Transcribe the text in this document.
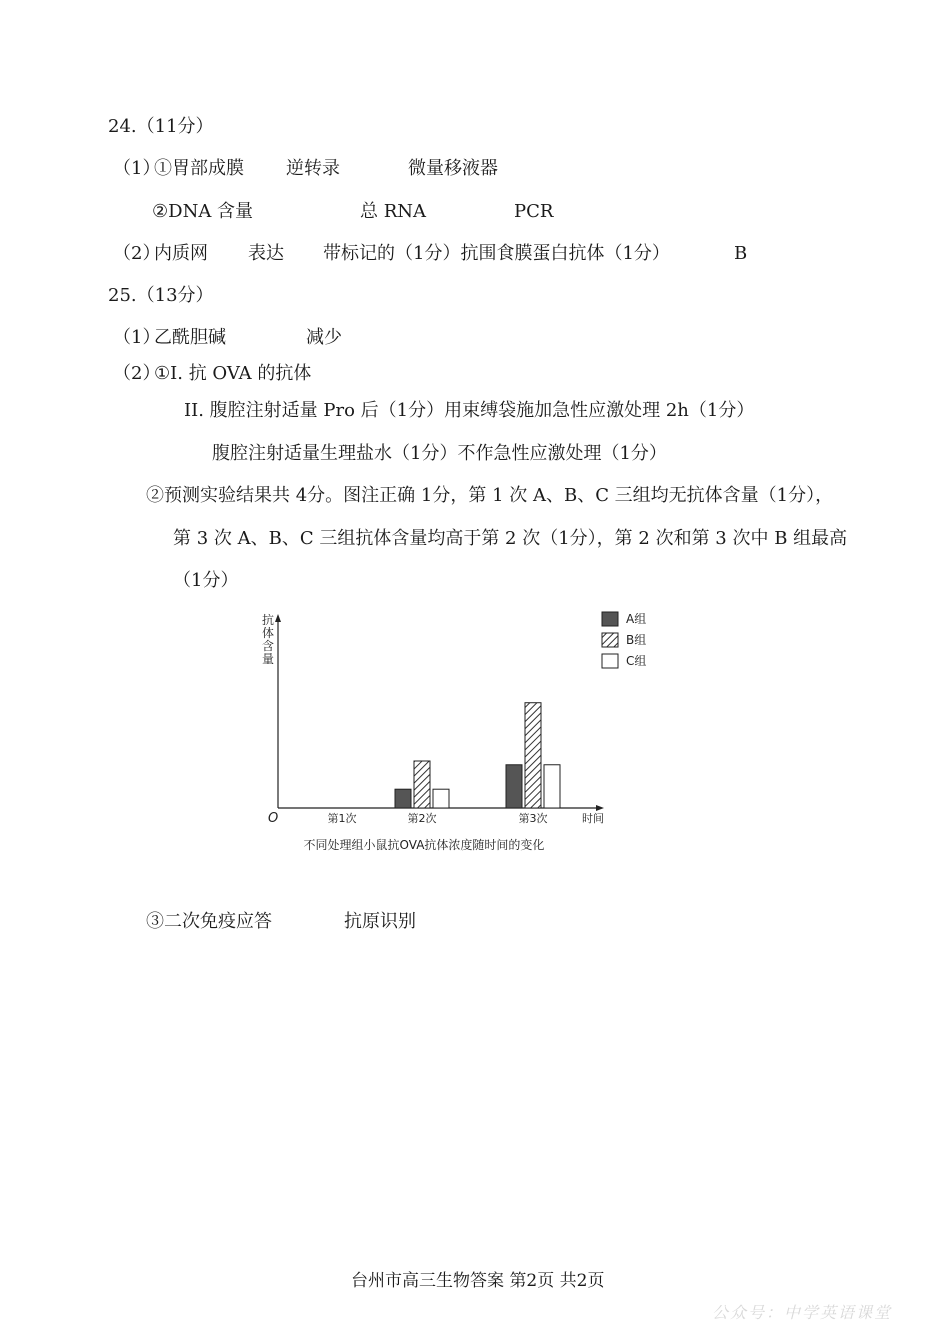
24.（11分）
（1）
①胃部成膜 逆转录	微量移液器
②DNA 含量	总 RNA	PCR
（2）
内质网 表达 带标记的（1分）抗围食膜蛋白抗体（1分）	B
25.（13分）
（1）
乙酰胆碱	减少
（2）
①I. 抗 OVA 的抗体
II. 腹腔注射适量 Pro 后（1分）用束缚袋施加急性应激处理 2h（1分）
腹腔注射适量生理盐水（1分）不作急性应激处理（1分）
②预测实验结果共 4分。图注正确 1分，第 1 次 A、B、C 三组均无抗体含量（1分），
第 3 次 A、B、C 三组抗体含量均高于第 2 次（1分），第 2 次和第 3 次中 B 组最高
（1分）
抗体含量
O	时间
第1次	第2次	第3次
A组
B组
C组
不同处理组小鼠抗OVA抗体浓度随时间的变化
③二次免疫应答	抗原识别
台州市高三生物答案 第2页 共2页
公众号：中学英语课堂
